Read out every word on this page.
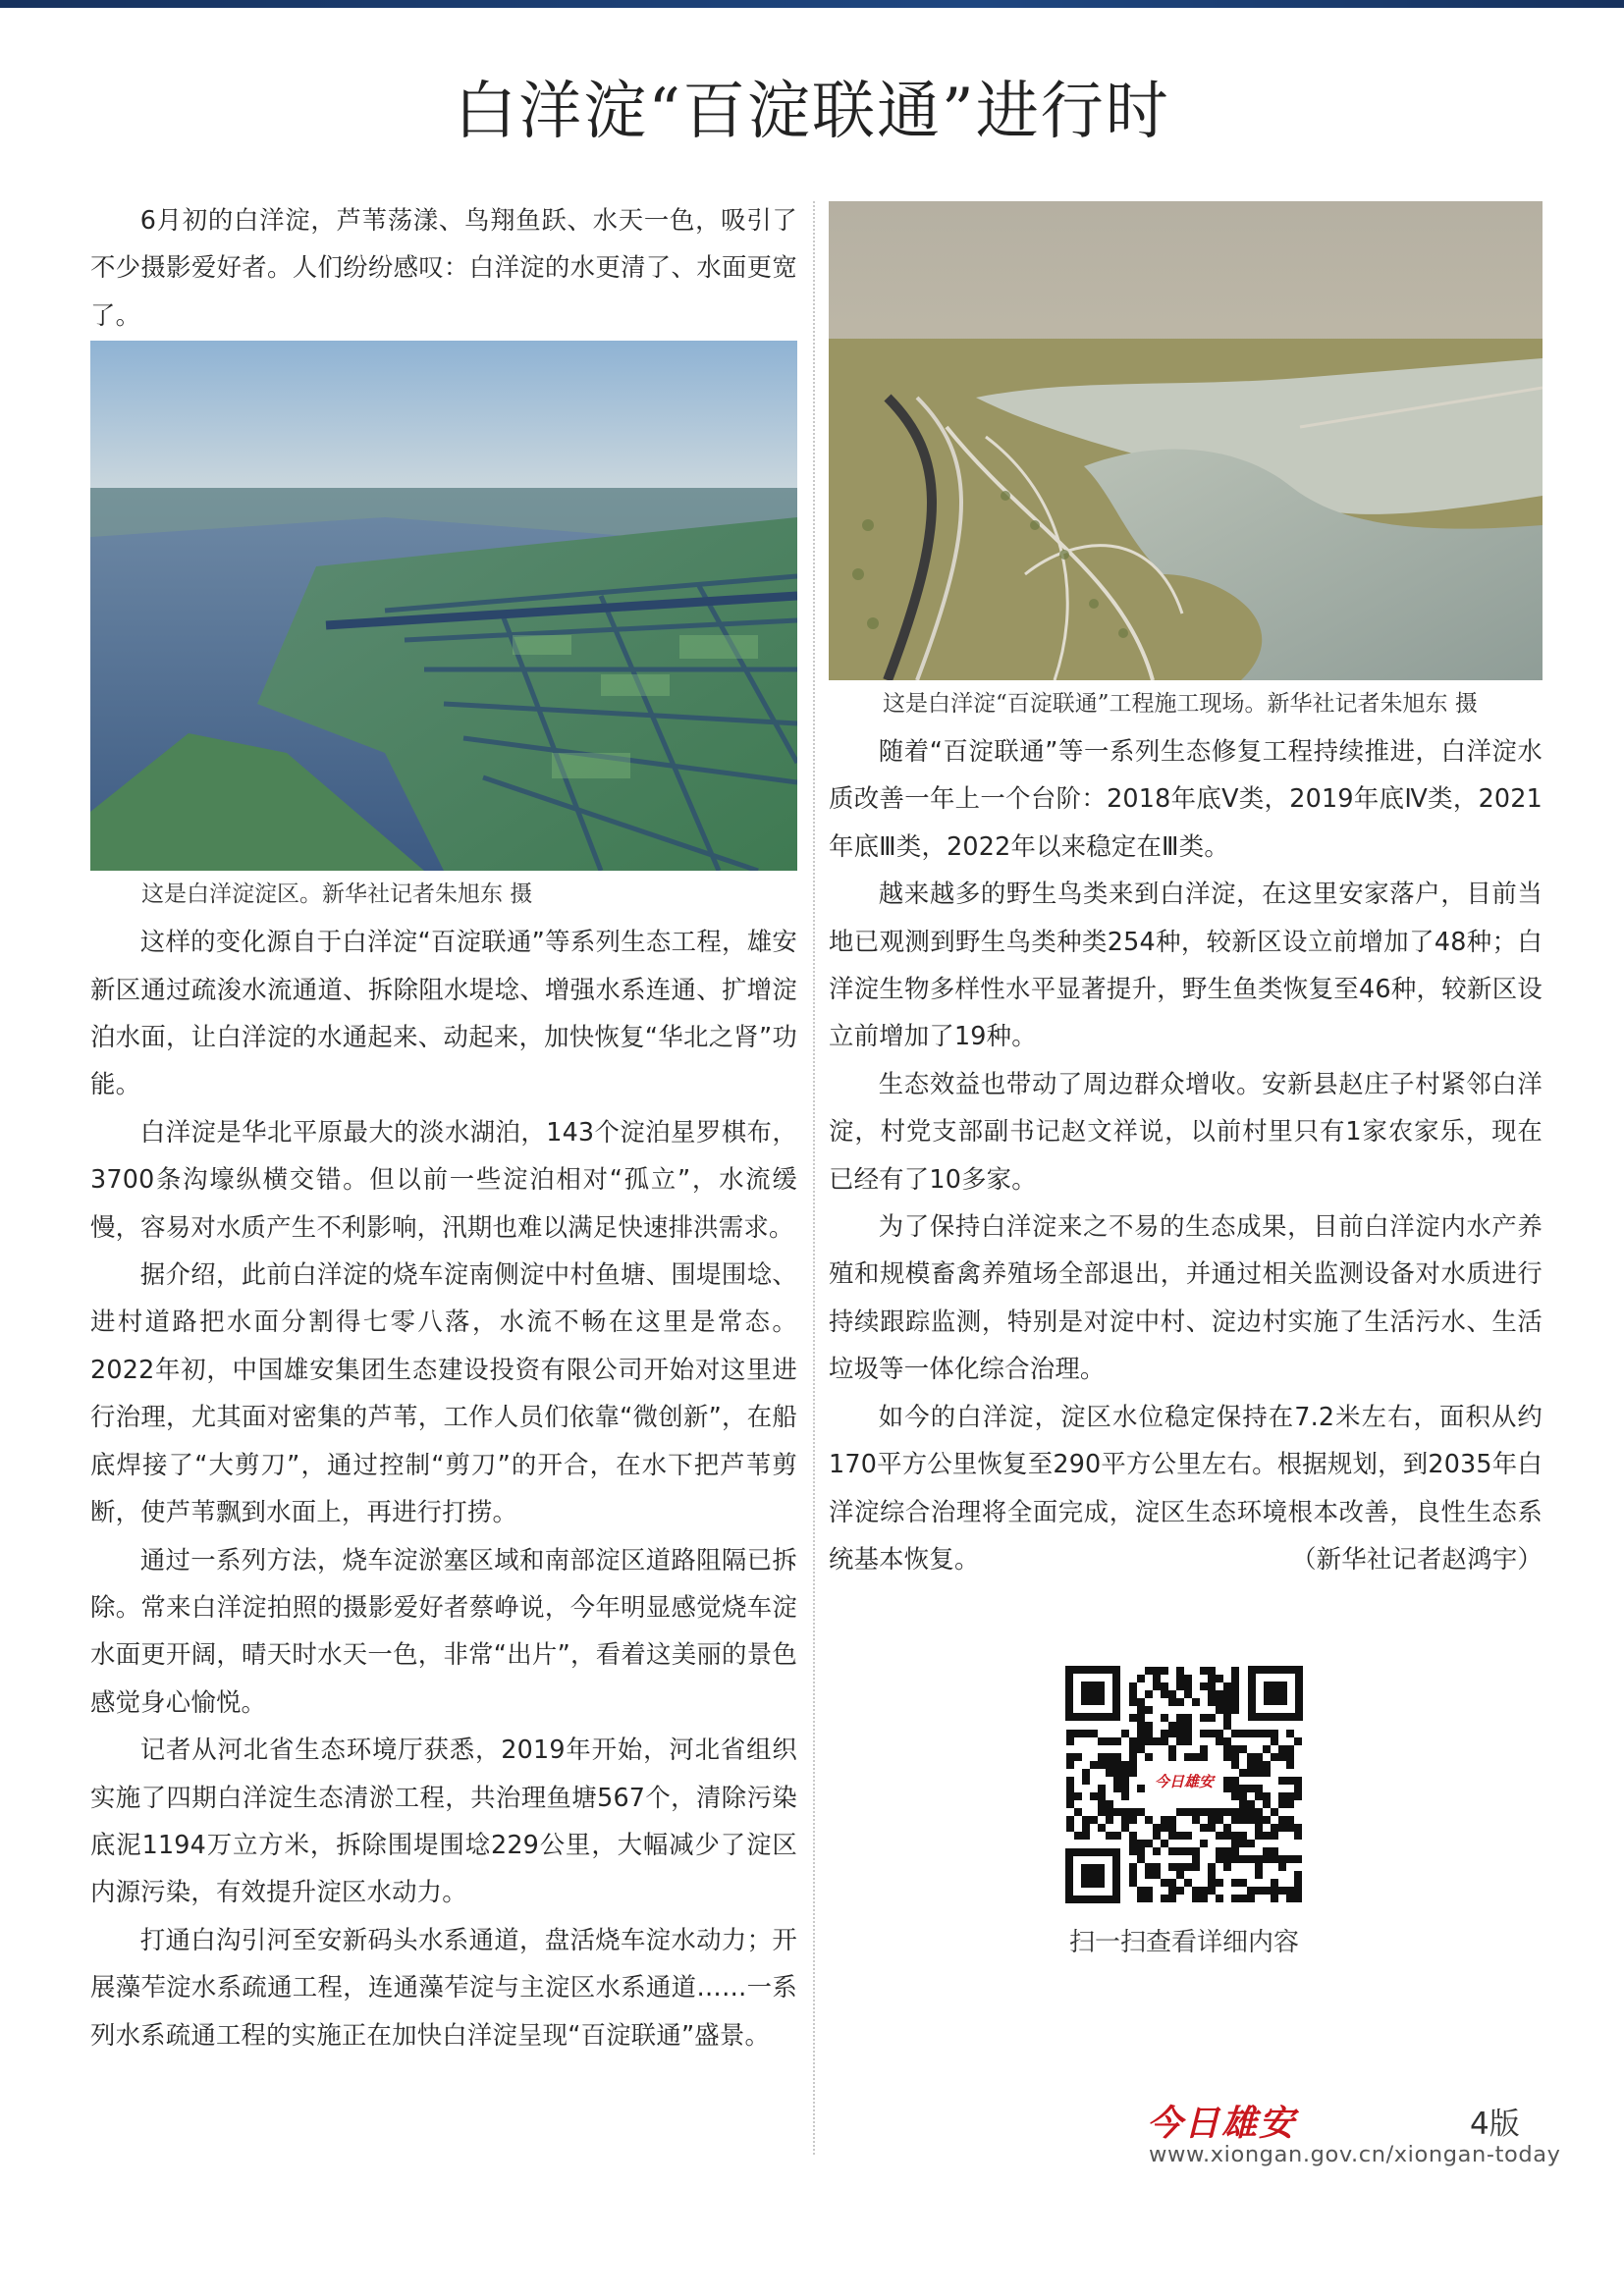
白洋淀“百淀联通”进行时

6月初的白洋淀，芦苇荡漾、鸟翔鱼跃、水天一色，吸引了不少摄影爱好者。人们纷纷感叹：白洋淀的水更清了、水面更宽了。

这是白洋淀淀区。新华社记者朱旭东 摄

这样的变化源自于白洋淀“百淀联通”等系列生态工程，雄安新区通过疏浚水流通道、拆除阻水堤埝、增强水系连通、扩增淀泊水面，让白洋淀的水通起来、动起来，加快恢复“华北之肾”功能。

白洋淀是华北平原最大的淡水湖泊，143个淀泊星罗棋布，3700条沟壕纵横交错。但以前一些淀泊相对“孤立”，水流缓慢，容易对水质产生不利影响，汛期也难以满足快速排洪需求。

据介绍，此前白洋淀的烧车淀南侧淀中村鱼塘、围堤围埝、进村道路把水面分割得七零八落，水流不畅在这里是常态。2022年初，中国雄安集团生态建设投资有限公司开始对这里进行治理，尤其面对密集的芦苇，工作人员们依靠“微创新”，在船底焊接了“大剪刀”，通过控制“剪刀”的开合，在水下把芦苇剪断，使芦苇飘到水面上，再进行打捞。

通过一系列方法，烧车淀淤塞区域和南部淀区道路阻隔已拆除。常来白洋淀拍照的摄影爱好者蔡峥说，今年明显感觉烧车淀水面更开阔，晴天时水天一色，非常“出片”，看着这美丽的景色感觉身心愉悦。

记者从河北省生态环境厅获悉，2019年开始，河北省组织实施了四期白洋淀生态清淤工程，共治理鱼塘567个，清除污染底泥1194万立方米，拆除围堤围埝229公里，大幅减少了淀区内源污染，有效提升淀区水动力。

打通白沟引河至安新码头水系通道，盘活烧车淀水动力；开展藻苲淀水系疏通工程，连通藻苲淀与主淀区水系通道……一系列水系疏通工程的实施正在加快白洋淀呈现“百淀联通”盛景。

这是白洋淀“百淀联通”工程施工现场。新华社记者朱旭东 摄

随着“百淀联通”等一系列生态修复工程持续推进，白洋淀水质改善一年上一个台阶：2018年底Ⅴ类，2019年底Ⅳ类，2021年底Ⅲ类，2022年以来稳定在Ⅲ类。

越来越多的野生鸟类来到白洋淀，在这里安家落户，目前当地已观测到野生鸟类种类254种，较新区设立前增加了48种；白洋淀生物多样性水平显著提升，野生鱼类恢复至46种，较新区设立前增加了19种。

生态效益也带动了周边群众增收。安新县赵庄子村紧邻白洋淀，村党支部副书记赵文祥说，以前村里只有1家农家乐，现在已经有了10多家。

为了保持白洋淀来之不易的生态成果，目前白洋淀内水产养殖和规模畜禽养殖场全部退出，并通过相关监测设备对水质进行持续跟踪监测，特别是对淀中村、淀边村实施了生活污水、生活垃圾等一体化综合治理。

如今的白洋淀，淀区水位稳定保持在7.2米左右，面积从约170平方公里恢复至290平方公里左右。根据规划，到2035年白洋淀综合治理将全面完成，淀区生态环境根本改善，良性生态系统基本恢复。	（新华社记者赵鸿宇）

今日雄安
扫一扫查看详细内容
今日雄安	4版
www.xiongan.gov.cn/xiongan-today
